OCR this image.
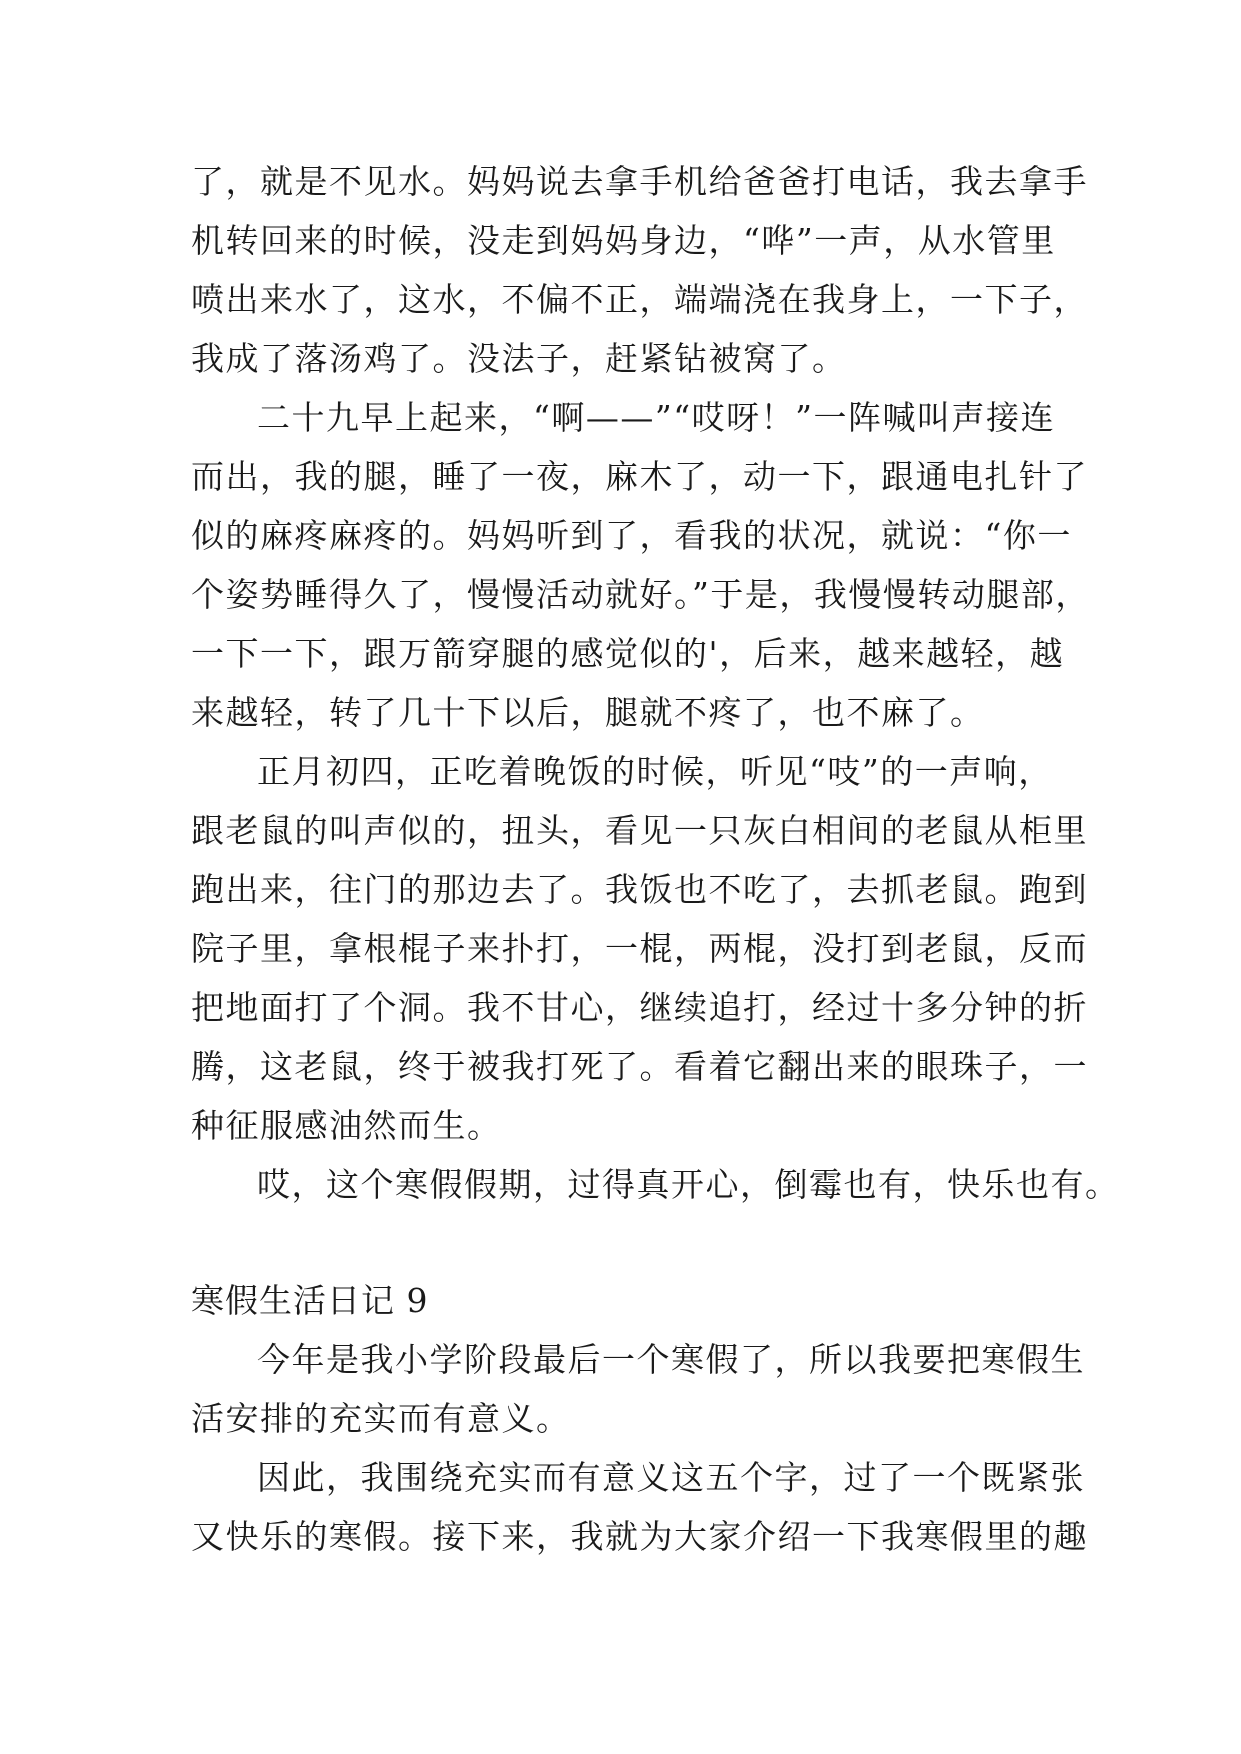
了，就是不见水。妈妈说去拿手机给爸爸打电话，我去拿手
机转回来的时候，没走到妈妈身边，“哗”一声，从水管里
喷出来水了，这水，不偏不正，端端浇在我身上，一下子，
我成了落汤鸡了。没法子，赶紧钻被窝了。
二十九早上起来，“啊——”“哎呀！”一阵喊叫声接连
而出，我的腿，睡了一夜，麻木了，动一下，跟通电扎针了
似的麻疼麻疼的。妈妈听到了，看我的状况，就说：“你一
个姿势睡得久了，慢慢活动就好。”于是，我慢慢转动腿部，
一下一下，跟万箭穿腿的感觉似的'，后来，越来越轻，越
来越轻，转了几十下以后，腿就不疼了，也不麻了。
正月初四，正吃着晚饭的时候，听见“吱”的一声响，
跟老鼠的叫声似的，扭头，看见一只灰白相间的老鼠从柜里
跑出来，往门的那边去了。我饭也不吃了，去抓老鼠。跑到
院子里，拿根棍子来扑打，一棍，两棍，没打到老鼠，反而
把地面打了个洞。我不甘心，继续追打，经过十多分钟的折
腾，这老鼠，终于被我打死了。看着它翻出来的眼珠子，一
种征服感油然而生。
哎，这个寒假假期，过得真开心，倒霉也有，快乐也有。
寒假生活日记 9
今年是我小学阶段最后一个寒假了，所以我要把寒假生
活安排的充实而有意义。
因此，我围绕充实而有意义这五个字，过了一个既紧张
又快乐的寒假。接下来，我就为大家介绍一下我寒假里的趣
